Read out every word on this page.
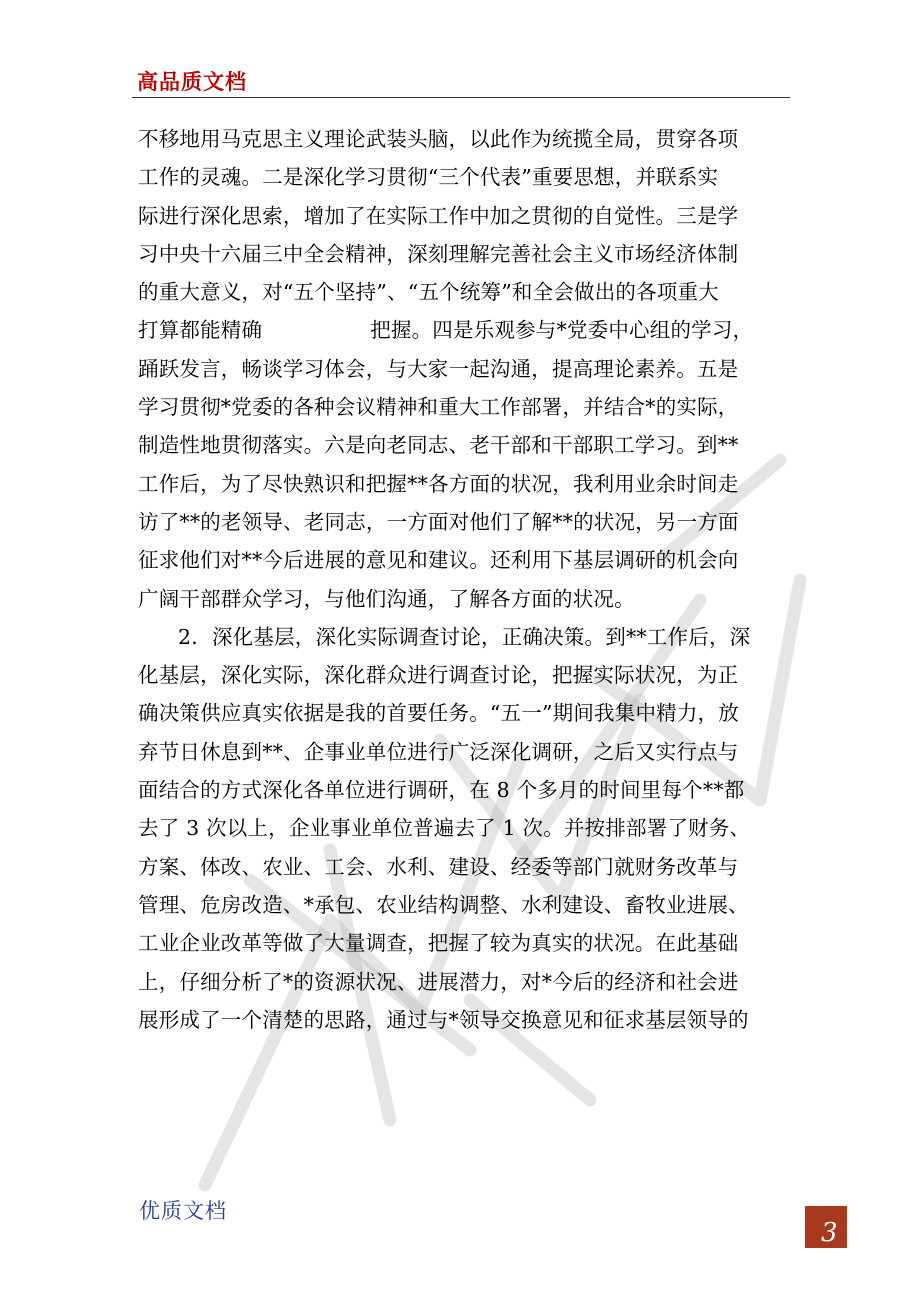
高品质文档

不移地用马克思主义理论武装头脑，以此作为统揽全局，贯穿各项

工作的灵魂。二是深化学习贯彻“三个代表”重要思想，并联系实

际进行深化思索，增加了在实际工作中加之贯彻的自觉性。三是学

习中央十六届三中全会精神，深刻理解完善社会主义市场经济体制

的重大意义，对“五个坚持”、“五个统筹”和全会做出的各项重大

打算都能精确	把握。四是乐观参与*党委中心组的学习，

踊跃发言，畅谈学习体会，与大家一起沟通，提高理论素养。五是

学习贯彻*党委的各种会议精神和重大工作部署，并结合*的实际，

制造性地贯彻落实。六是向老同志、老干部和干部职工学习。到**

工作后，为了尽快熟识和把握**各方面的状况，我利用业余时间走

访了**的老领导、老同志，一方面对他们了解**的状况，另一方面

征求他们对**今后进展的意见和建议。还利用下基层调研的机会向

广阔干部群众学习，与他们沟通，了解各方面的状况。

2．深化基层，深化实际调查讨论，正确决策。到**工作后，深

化基层，深化实际，深化群众进行调查讨论，把握实际状况，为正

确决策供应真实依据是我的首要任务。“五一”期间我集中精力，放

弃节日休息到**、企事业单位进行广泛深化调研，之后又实行点与

面结合的方式深化各单位进行调研，在 8 个多月的时间里每个**都

去了 3 次以上，企业事业单位普遍去了 1 次。并按排部署了财务、

方案、体改、农业、工会、水利、建设、经委等部门就财务改革与

管理、危房改造、*承包、农业结构调整、水利建设、畜牧业进展、

工业企业改革等做了大量调查，把握了较为真实的状况。在此基础

上，仔细分析了*的资源状况、进展潜力，对*今后的经济和社会进

展形成了一个清楚的思路，通过与*领导交换意见和征求基层领导的

优质文档
3
